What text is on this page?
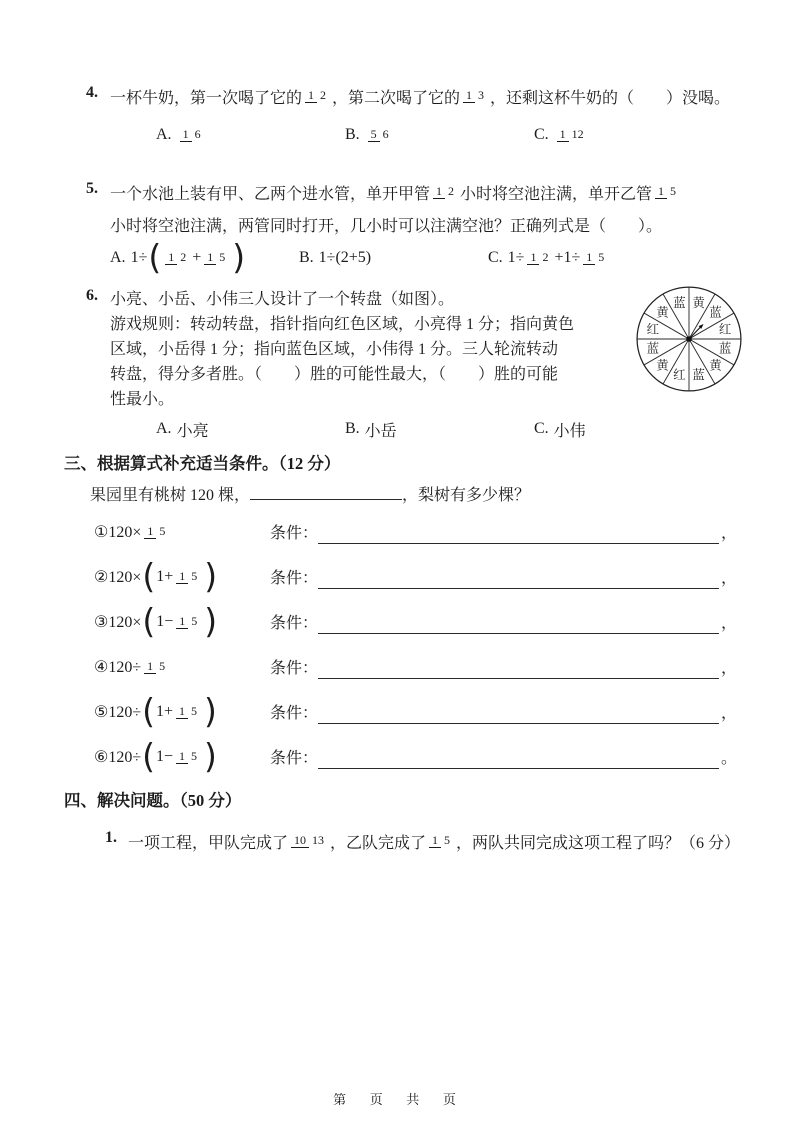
4. 一杯牛奶，第一次喝了它的 1 2 ，第二次喝了它的 1 3 ，还剩这杯牛奶的（　　）没喝。
A. 1 6	B. 5 6	C. 1 12
5. 一个水池上装有甲、乙两个进水管，单开甲管 1 2 小时将空池注满，单开乙管 1 5
小时将空池注满，两管同时打开，几小时可以注满空池？正确列式是（　　）。
A. 1÷ ( 1 2 + 1 5 )	B. 1÷(2+5)	C. 1÷ 1 2 +1÷ 1 5
6.	黄
蓝
红
蓝
黄
蓝
红
黄
蓝
红
黄
蓝
小亮、小岳、小伟三人设计了一个转盘（如图）。
游戏规则：转动转盘，指针指向红色区域，小亮得 1 分；指向黄色
区域，小岳得 1 分；指向蓝色区域，小伟得 1 分。三人轮流转动
转盘，得分多者胜。（　　）胜的可能性最大，（　　）胜的可能
性最小。
A. 小亮	B. 小岳	C. 小伟
三、根据算式补充适当条件。（12 分）
果园里有桃树 120 棵，	，梨树有多少棵？
①120× 1 5	条件：	，
②120× ( 1+ 1 5 )	条件：	，
③120× ( 1− 1 5 )	条件：	，
④120÷ 1 5	条件：	，
⑤120÷ ( 1+ 1 5 )	条件：	，
⑥120÷ ( 1− 1 5 )	条件：	。
四、解决问题。（50 分）
1. 一项工程，甲队完成了 10 13 ，乙队完成了 1 5 ，两队共同完成这项工程了吗？（6 分）
第 页 共 页
